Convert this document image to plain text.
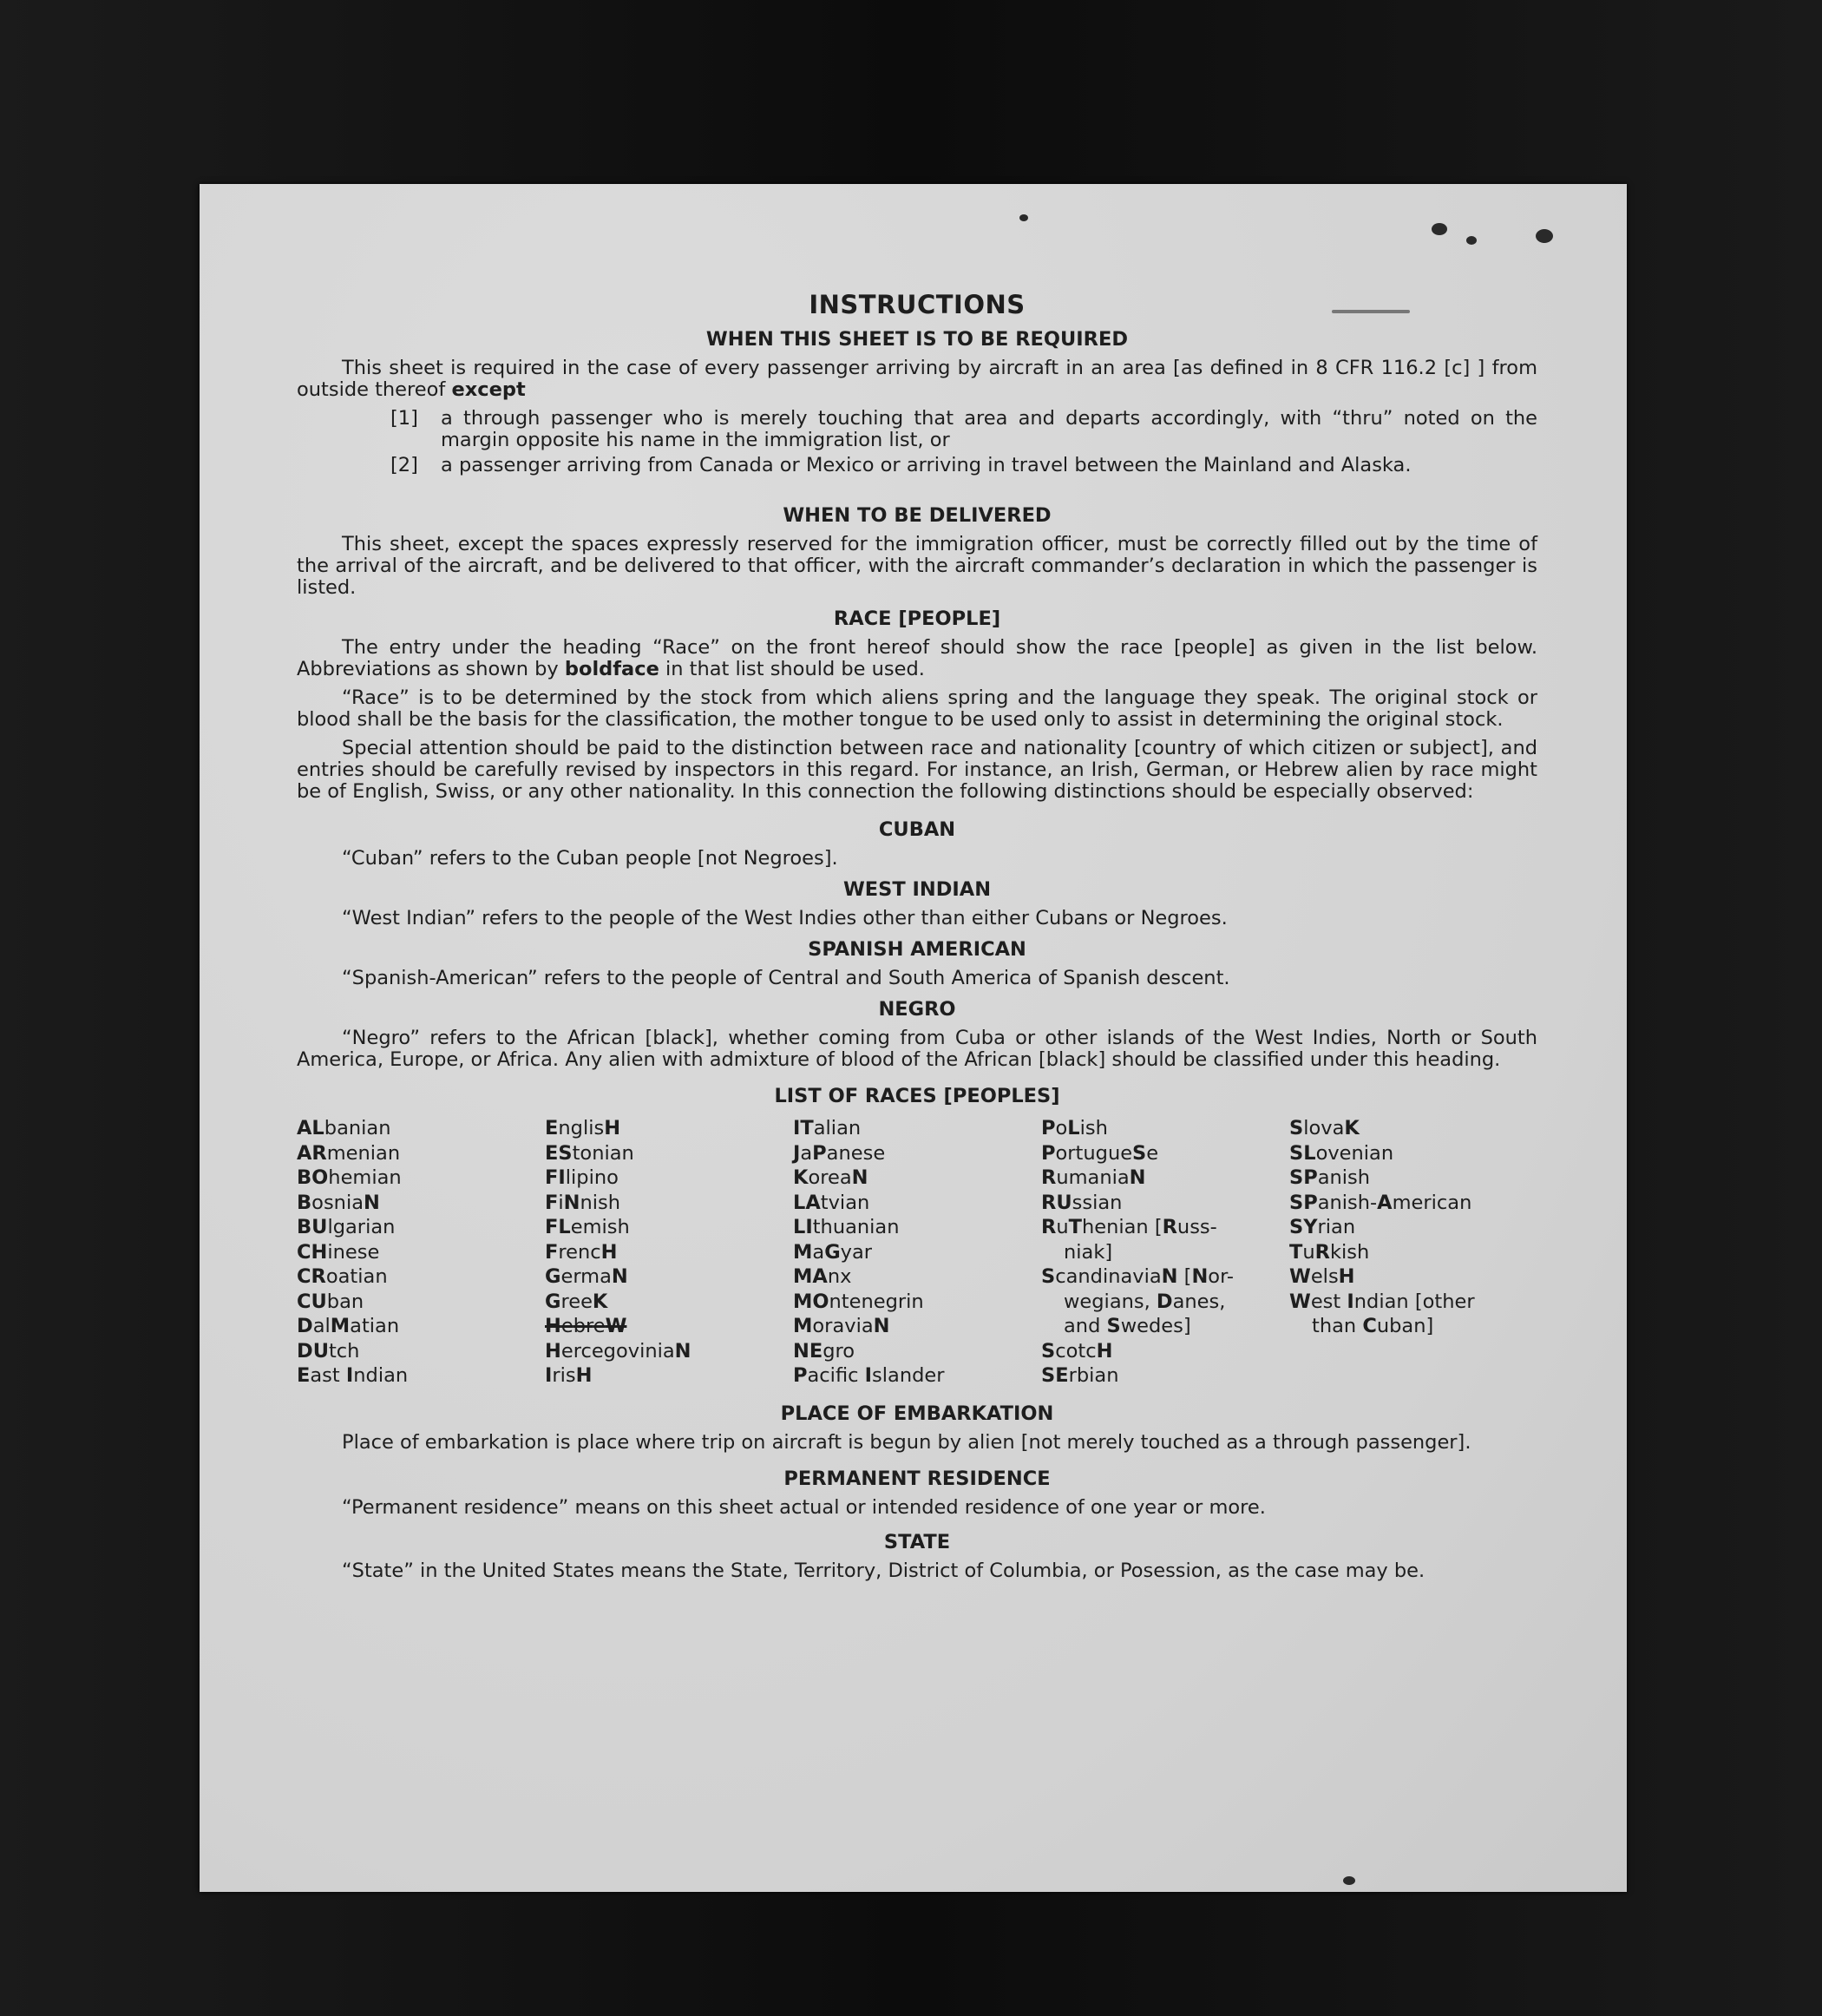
INSTRUCTIONS
WHEN THIS SHEET IS TO BE REQUIRED

This sheet is required in the case of every passenger arriving by aircraft in an area [as defined in 8 CFR 116.2 [c] ] from outside thereof except

[1]	a through passenger who is merely touching that area and departs accordingly, with “thru” noted on the margin opposite his name in the immigration list, or
[2]	a passenger arriving from Canada or Mexico or arriving in travel between the Mainland and Alaska.
WHEN TO BE DELIVERED

This sheet, except the spaces expressly reserved for the immigration officer, must be correctly filled out by the time of the arrival of the aircraft, and be delivered to that officer, with the aircraft commander’s declaration in which the passenger is listed.

RACE [PEOPLE]

The entry under the heading “Race” on the front hereof should show the race [people] as given in the list below. Abbreviations as shown by boldface in that list should be used.

“Race” is to be determined by the stock from which aliens spring and the language they speak. The original stock or blood shall be the basis for the classification, the mother tongue to be used only to assist in determining the original stock.

Special attention should be paid to the distinction between race and nationality [country of which citizen or subject], and entries should be carefully revised by inspectors in this regard. For instance, an Irish, German, or Hebrew alien by race might be of English, Swiss, or any other nationality. In this connection the following distinctions should be especially observed:

CUBAN

“Cuban” refers to the Cuban people [not Negroes].

WEST INDIAN

“West Indian” refers to the people of the West Indies other than either Cubans or Negroes.

SPANISH AMERICAN

“Spanish-American” refers to the people of Central and South America of Spanish descent.

NEGRO

“Negro” refers to the African [black], whether coming from Cuba or other islands of the West Indies, North or South America, Europe, or Africa. Any alien with admixture of blood of the African [black] should be classified under this heading.

LIST OF RACES [PEOPLES]
ALbanian
ARmenian
BOhemian
BosniaN
BUlgarian
CHinese
CRoatian
CUban
DalMatian
DUtch
East Indian
EnglisH
EStonian
FIlipino
FiNnish
FLemish
FrencH
GermaN
GreeK
HebreW
HercegoviniaN
IrisH
ITalian
JaPanese
KoreaN
LAtvian
LIthuanian
MaGyar
MAnx
MOntenegrin
MoraviaN
NEgro
Pacifc Islander
PoLish
PortugueSe
RumaniaN
RUssian
RuThenian [Russ-
niak]
ScandinaviaN [Nor-
wegians, Danes,
and Swedes]
ScotcH
SErbian
SlovaK
SLovenian
SPanish
SPanish-American
SYrian
TuRkish
WelsH
West Indian [other
than Cuban]
PLACE OF EMBARKATION

Place of embarkation is place where trip on aircraft is begun by alien [not merely touched as a through passenger].

PERMANENT RESIDENCE

“Permanent residence” means on this sheet actual or intended residence of one year or more.

STATE

“State” in the United States means the State, Territory, District of Columbia, or Posession, as the case may be.
